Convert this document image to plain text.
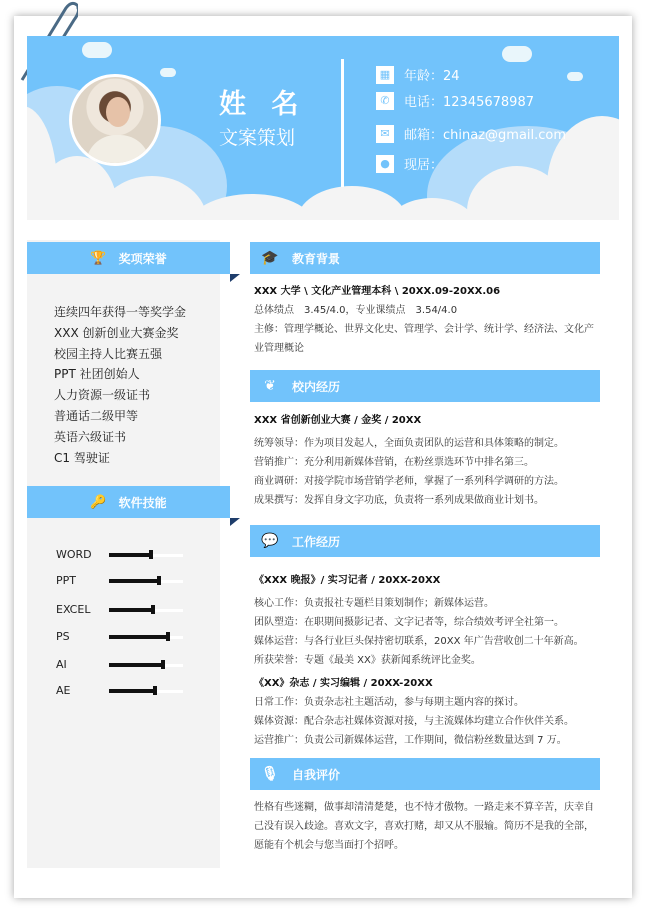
姓 名
文案策划
▦ 年龄：24
✆	电话：12345678987
✉	邮箱：chinaz@gmail.com
●	现居：
🏆 奖项荣誉
连续四年获得一等奖学金
XXX 创新创业大赛金奖
校园主持人比赛五强
PPT 社团创始人
人力资源一级证书
普通话二级甲等
英语六级证书
C1 驾驶证
🔑 软件技能
WORD
PPT
EXCEL
PS
AI
AE
🎓	教育背景
XXX 大学 \ 文化产业管理本科 \ 20XX.09-20XX.06
总体绩点　3.45/4.0，专业课绩点　3.54/4.0
主修：管理学概论、世界文化史、管理学、会计学、统计学、经济法、文化产业管理概论
❦	校内经历
XXX 省创新创业大赛 / 金奖 / 20XX
统筹领导：作为项目发起人，全面负责团队的运营和具体策略的制定。
营销推广：充分利用新媒体营销，在粉丝票选环节中排名第三。
商业调研：对接学院市场营销学老师，掌握了一系列科学调研的方法。
成果撰写：发挥自身文字功底，负责将一系列成果做商业计划书。
💬	工作经历
《XXX 晚报》/ 实习记者 / 20XX-20XX
核心工作：负责报社专题栏目策划制作；新媒体运营。
团队塑造：在职期间摄影记者、文字记者等，综合绩效考评全社第一。
媒体运营：与各行业巨头保持密切联系，20XX 年广告营收创二十年新高。
所获荣誉：专题《最美 XX》获新闻系统评比金奖。
《XX》杂志 / 实习编辑 / 20XX-20XX
日常工作：负责杂志社主题活动，参与每期主题内容的探讨。
媒体资源：配合杂志社媒体资源对接，与主流媒体均建立合作伙伴关系。
运营推广：负责公司新媒体运营，工作期间，微信粉丝数量达到 7 万。
🎙	自我评价
性格有些迷糊，做事却清清楚楚，也不恃才傲物。一路走来不算辛苦，庆幸自己没有误入歧途。喜欢文字，喜欢打赌，却又从不服输。简历不是我的全部，愿能有个机会与您当面打个招呼。
